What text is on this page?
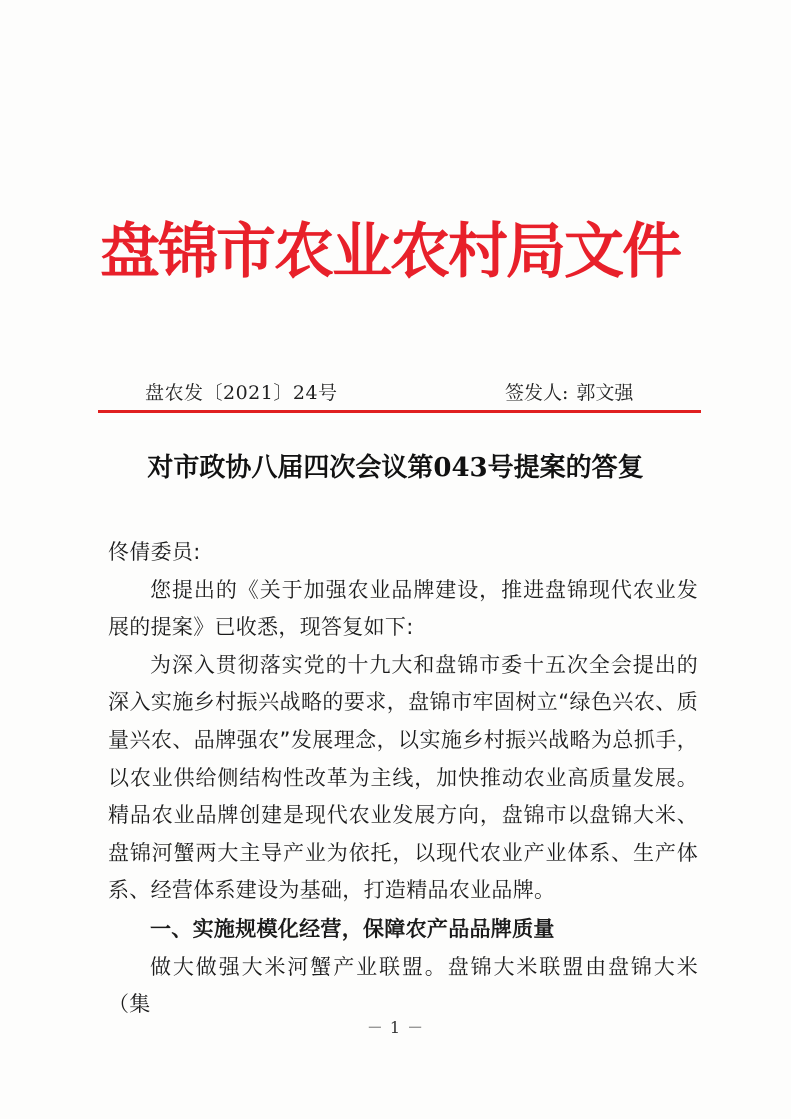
盘锦市农业农村局文件
盘农发〔2021〕24号	签发人: 郭文强
对市政协八届四次会议第043号提案的答复

佟倩委员:

您提出的《关于加强农业品牌建设，推进盘锦现代农业发展的提案》已收悉，现答复如下:

为深入贯彻落实党的十九大和盘锦市委十五次全会提出的深入实施乡村振兴战略的要求，盘锦市牢固树立“绿色兴农、质量兴农、品牌强农”发展理念，以实施乡村振兴战略为总抓手，以农业供给侧结构性改革为主线，加快推动农业高质量发展。精品农业品牌创建是现代农业发展方向，盘锦市以盘锦大米、盘锦河蟹两大主导产业为依托，以现代农业产业体系、生产体系、经营体系建设为基础，打造精品农业品牌。

一、实施规模化经营，保障农产品品牌质量

做大做强大米河蟹产业联盟。盘锦大米联盟由盘锦大米（集

－ 1 －
